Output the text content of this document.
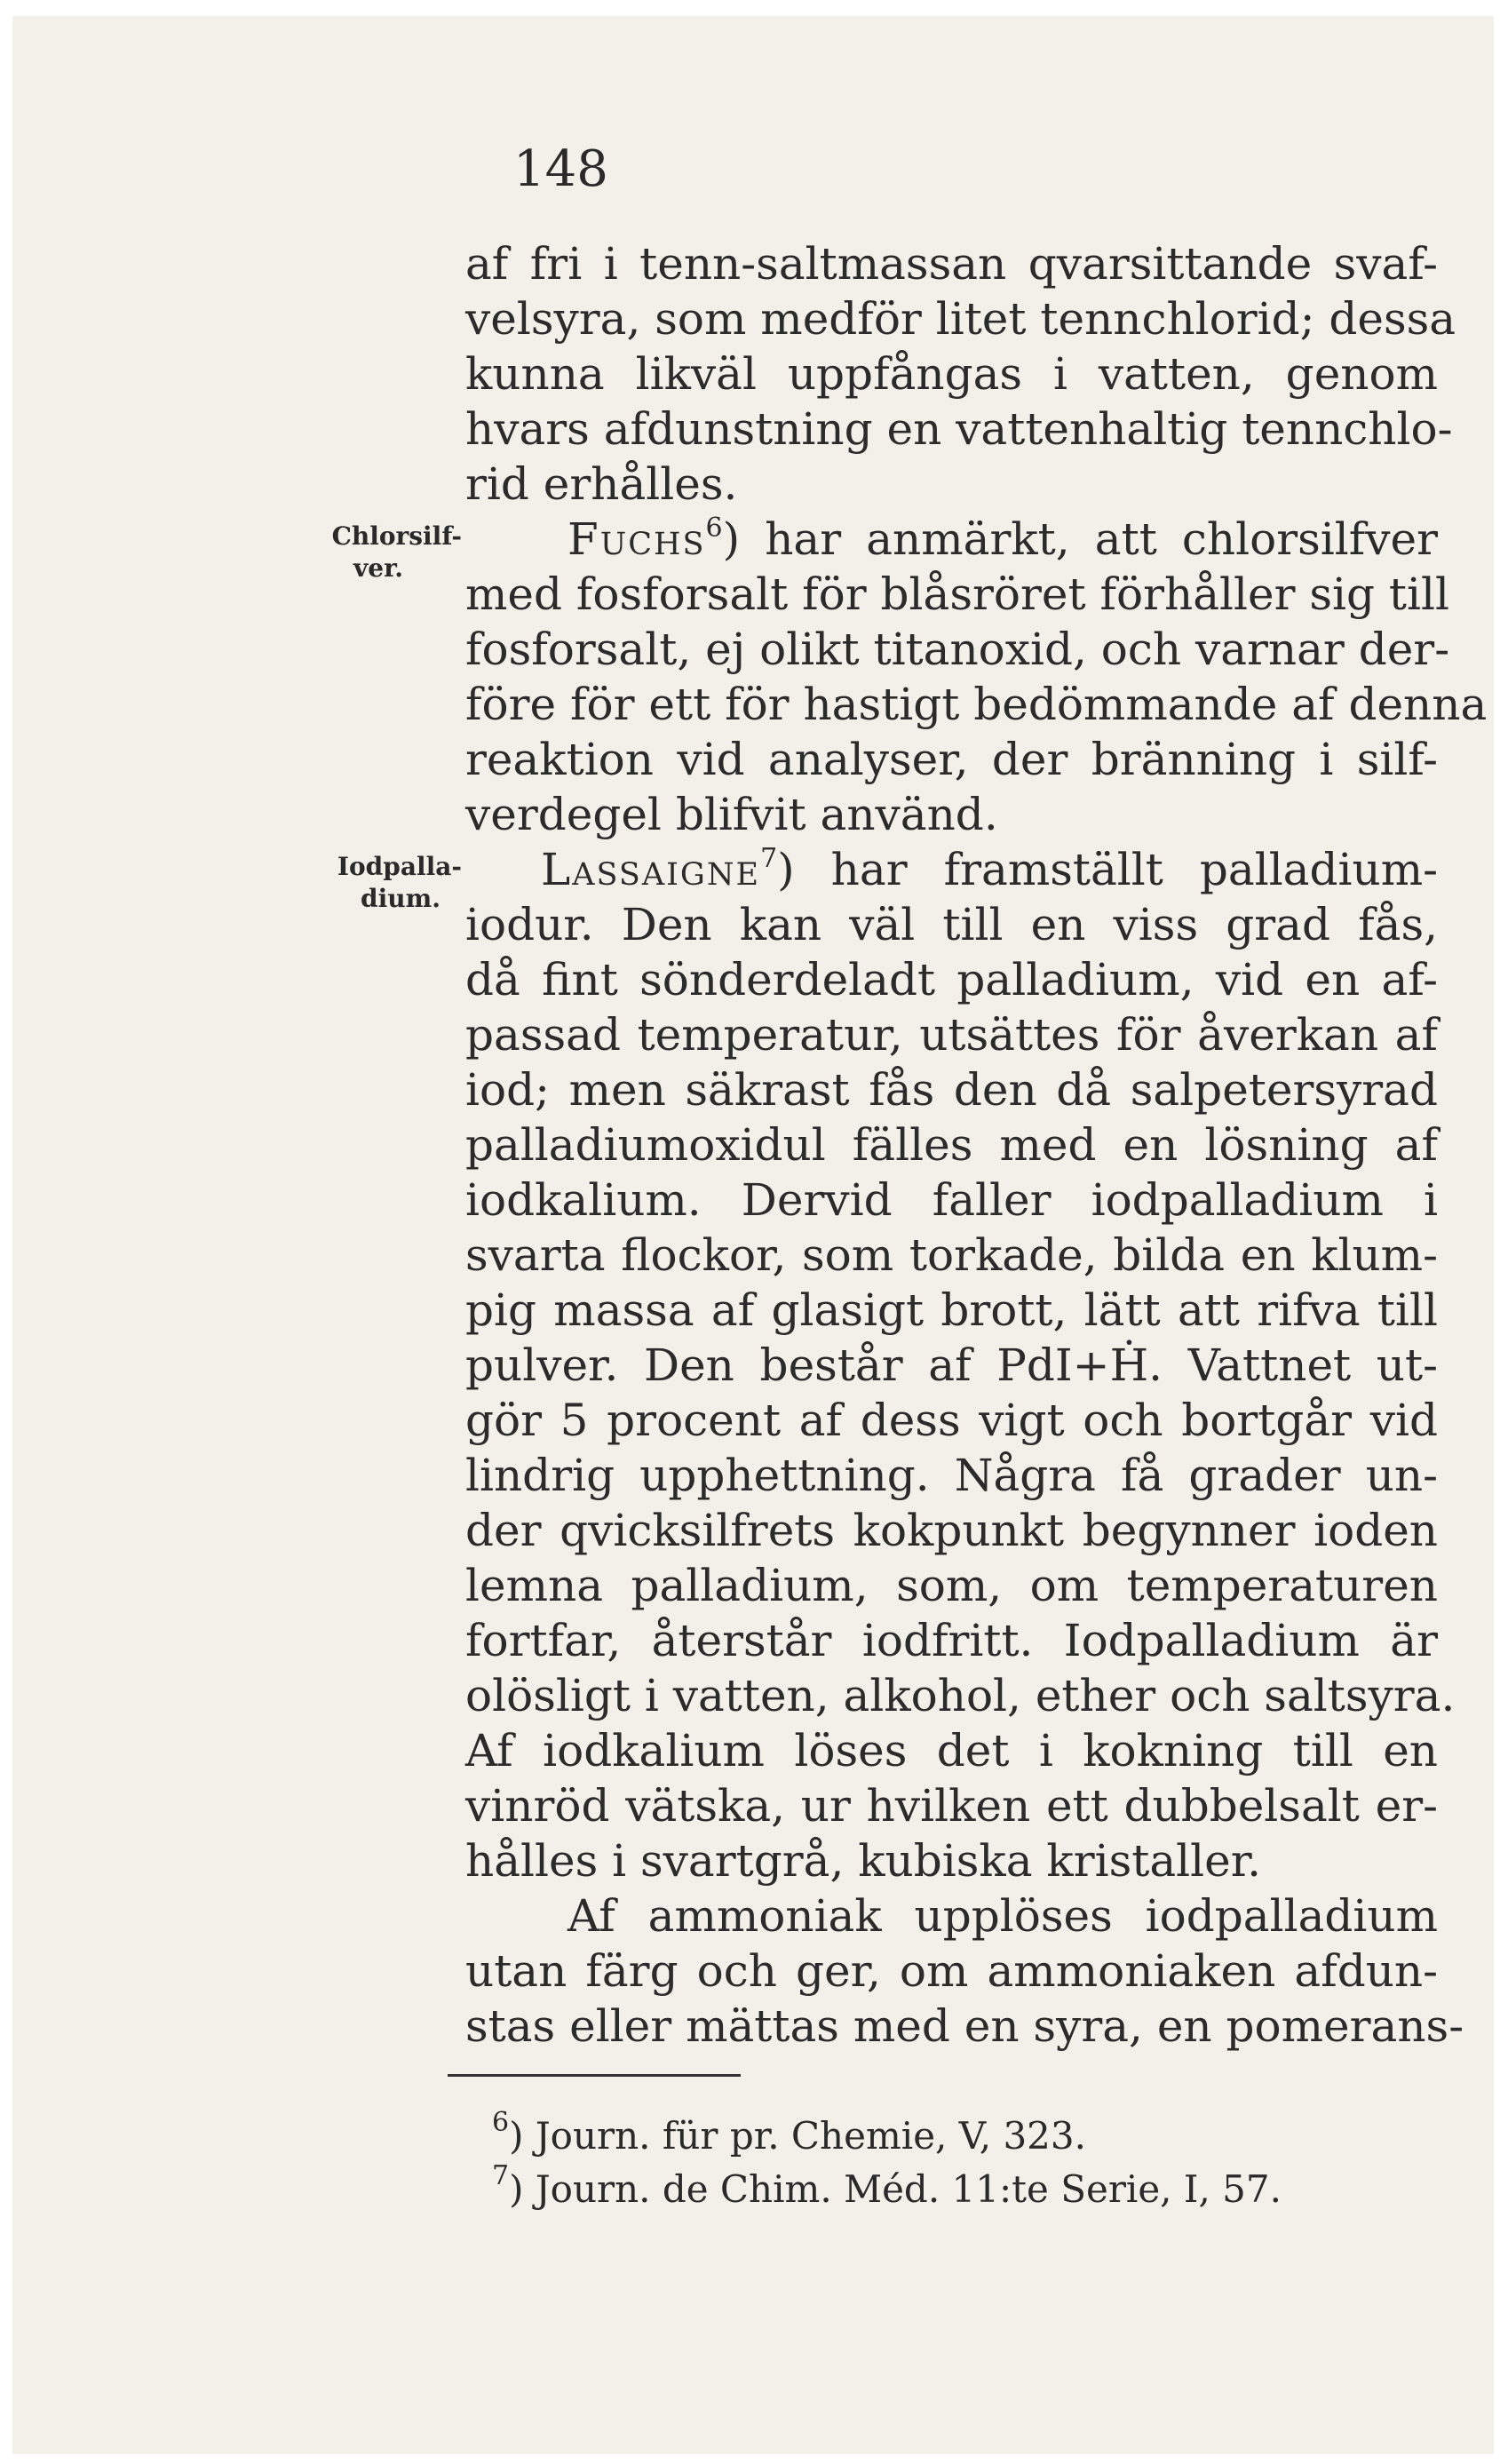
148
Chlorsilf-
ver.
Iodpalla-
dium.
af fri i tenn-saltmassan qvarsittande svaf-
velsyra, som medför litet tennchlorid; dessa
kunna likväl uppfångas i vatten, genom
hvars afdunstning en vattenhaltig tennchlo-
rid erhålles.
Fuchs$^6$) har anmärkt, att chlorsilfver
med fosforsalt för blåsröret förhåller sig till
fosforsalt, ej olikt titanoxid, och varnar der-
före för ett för hastigt bedömmande af denna
reaktion vid analyser, der bränning i silf-
verdegel blifvit använd.
Lassaigne$^7$) har framställt palladium-
iodur. Den kan väl till en viss grad fås,
då fint sönderdeladt palladium, vid en af-
passad temperatur, utsättes för åverkan af
iod; men säkrast fås den då salpetersyrad
palladiumoxidul fälles med en lösning af
iodkalium. Dervid faller iodpalladium i
svarta flockor, som torkade, bilda en klum-
pig massa af glasigt brott, lätt att rifva till
pulver. Den består af PdI+Ḣ. Vattnet ut-
gör 5 procent af dess vigt och bortgår vid
lindrig upphettning. Några få grader un-
der qvicksilfrets kokpunkt begynner ioden
lemna palladium, som, om temperaturen
fortfar, återstår iodfritt. Iodpalladium är
olösligt i vatten, alkohol, ether och saltsyra.
Af iodkalium löses det i kokning till en
vinröd vätska, ur hvilken ett dubbelsalt er-
hålles i svartgrå, kubiska kristaller.
Af ammoniak upplöses iodpalladium
utan färg och ger, om ammoniaken afdun-
stas eller mättas med en syra, en pomerans-
$^6$) Journ. für pr. Chemie, V, 323.
$^7$) Journ. de Chim. Méd. 11:te Serie, I, 57.
